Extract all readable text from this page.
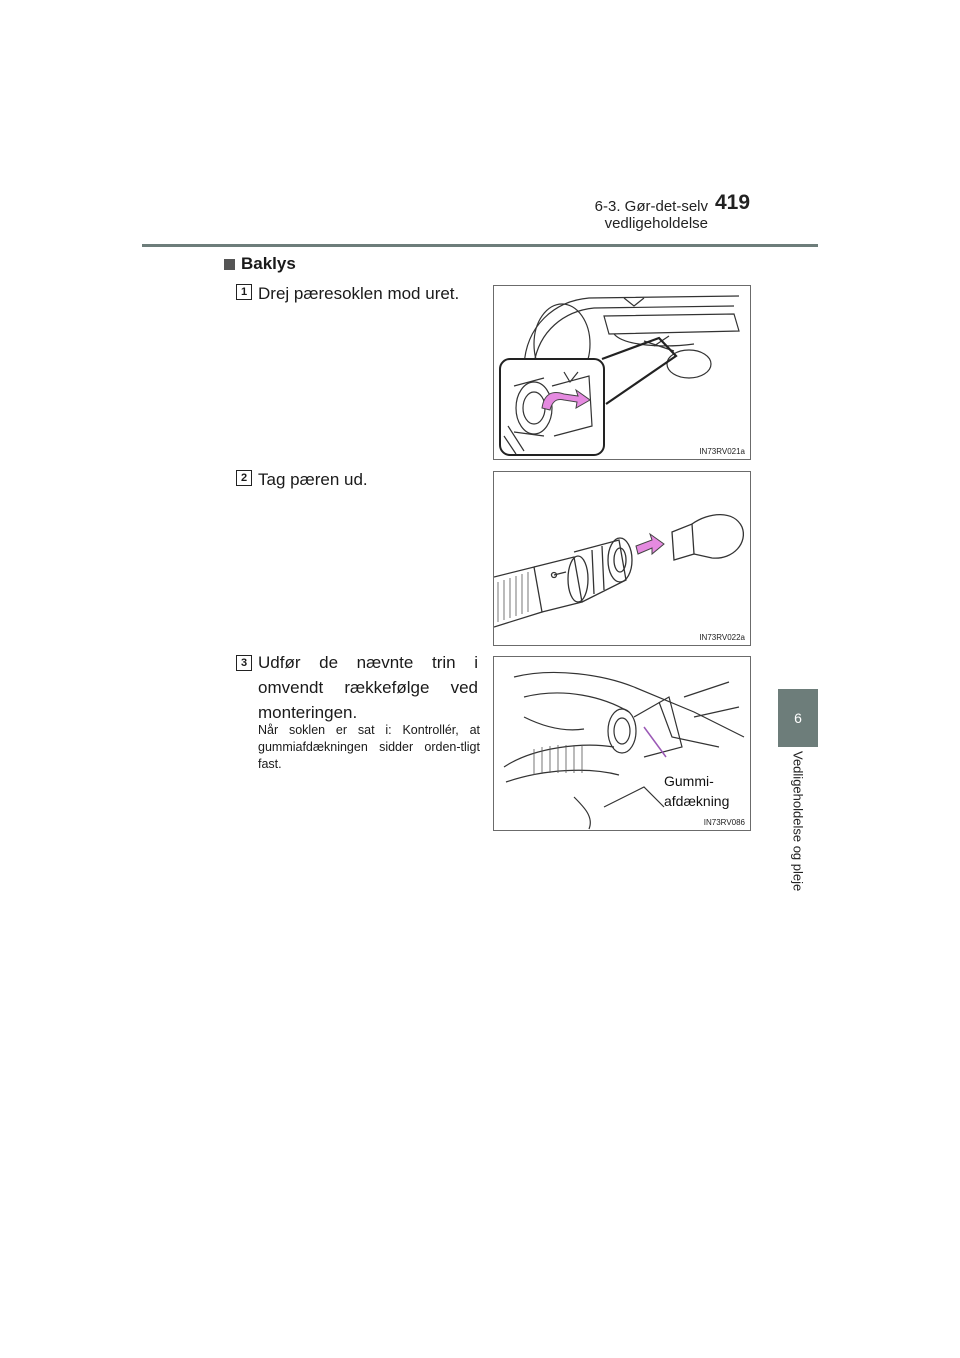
6-3. Gør-det-selv vedligeholdelse
419
6
Vedligeholdelse og pleje
Baklys
1 Drej pæresoklen mod uret.
2 Tag pæren ud.
3 Udfør de nævnte trin i omvendt rækkefølge ved monteringen.
Når soklen er sat i: Kontrollér, at gummiafdækningen sidder orden-tligt fast.
IN73RV021a
IN73RV022a
Gummi-
afdækning
IN73RV086
